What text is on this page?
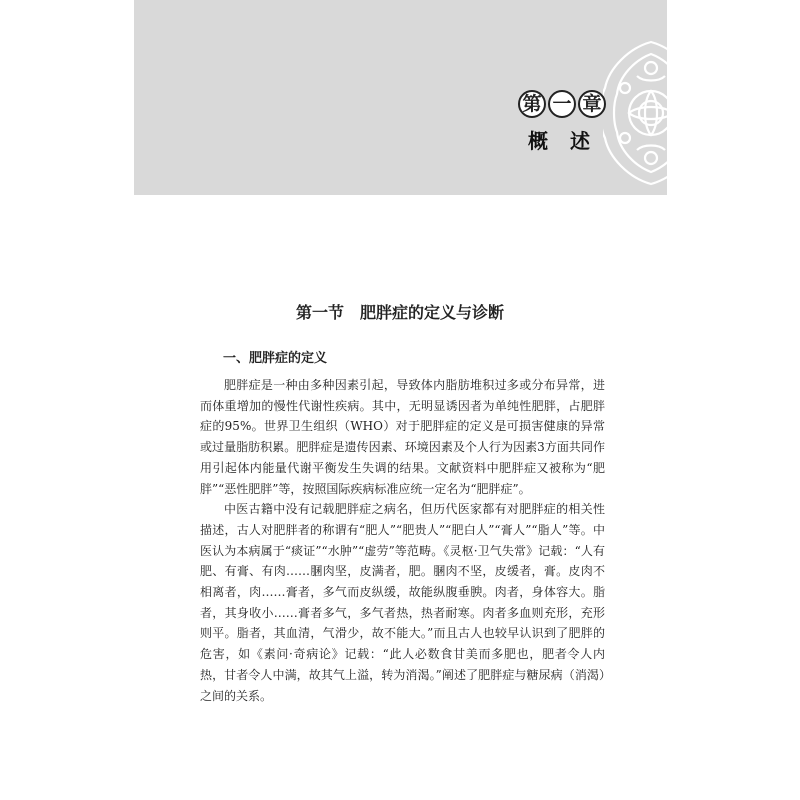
第 一 章
概述
第一节　肥胖症的定义与诊断
一、肥胖症的定义

肥胖症是一种由多种因素引起，导致体内脂肪堆积过多或分布异常，进而体重增加的慢性代谢性疾病。其中，无明显诱因者为单纯性肥胖，占肥胖症的95%。世界卫生组织（WHO）对于肥胖症的定义是可损害健康的异常或过量脂肪积累。肥胖症是遗传因素、环境因素及个人行为因素3方面共同作用引起体内能量代谢平衡发生失调的结果。文献资料中肥胖症又被称为“肥胖”“恶性肥胖”等，按照国际疾病标准应统一定名为“肥胖症”。

中医古籍中没有记载肥胖症之病名，但历代医家都有对肥胖症的相关性描述，古人对肥胖者的称谓有“肥人”“肥贵人”“肥白人”“膏人”“脂人”等。中医认为本病属于“痰证”“水肿”“虚劳”等范畴。《灵枢·卫气失常》记载：“人有肥、有膏、有肉……䐃肉坚，皮满者，肥。䐃肉不坚，皮缓者，膏。皮肉不相离者，肉……膏者，多气而皮纵缓，故能纵腹垂腴。肉者，身体容大。脂者，其身收小……膏者多气，多气者热，热者耐寒。肉者多血则充形，充形则平。脂者，其血清，气滑少，故不能大。”而且古人也较早认识到了肥胖的危害，如《素问·奇病论》记载：“此人必数食甘美而多肥也，肥者令人内热，甘者令人中满，故其气上溢，转为消渴。”阐述了肥胖症与糖尿病（消渴）之间的关系。
